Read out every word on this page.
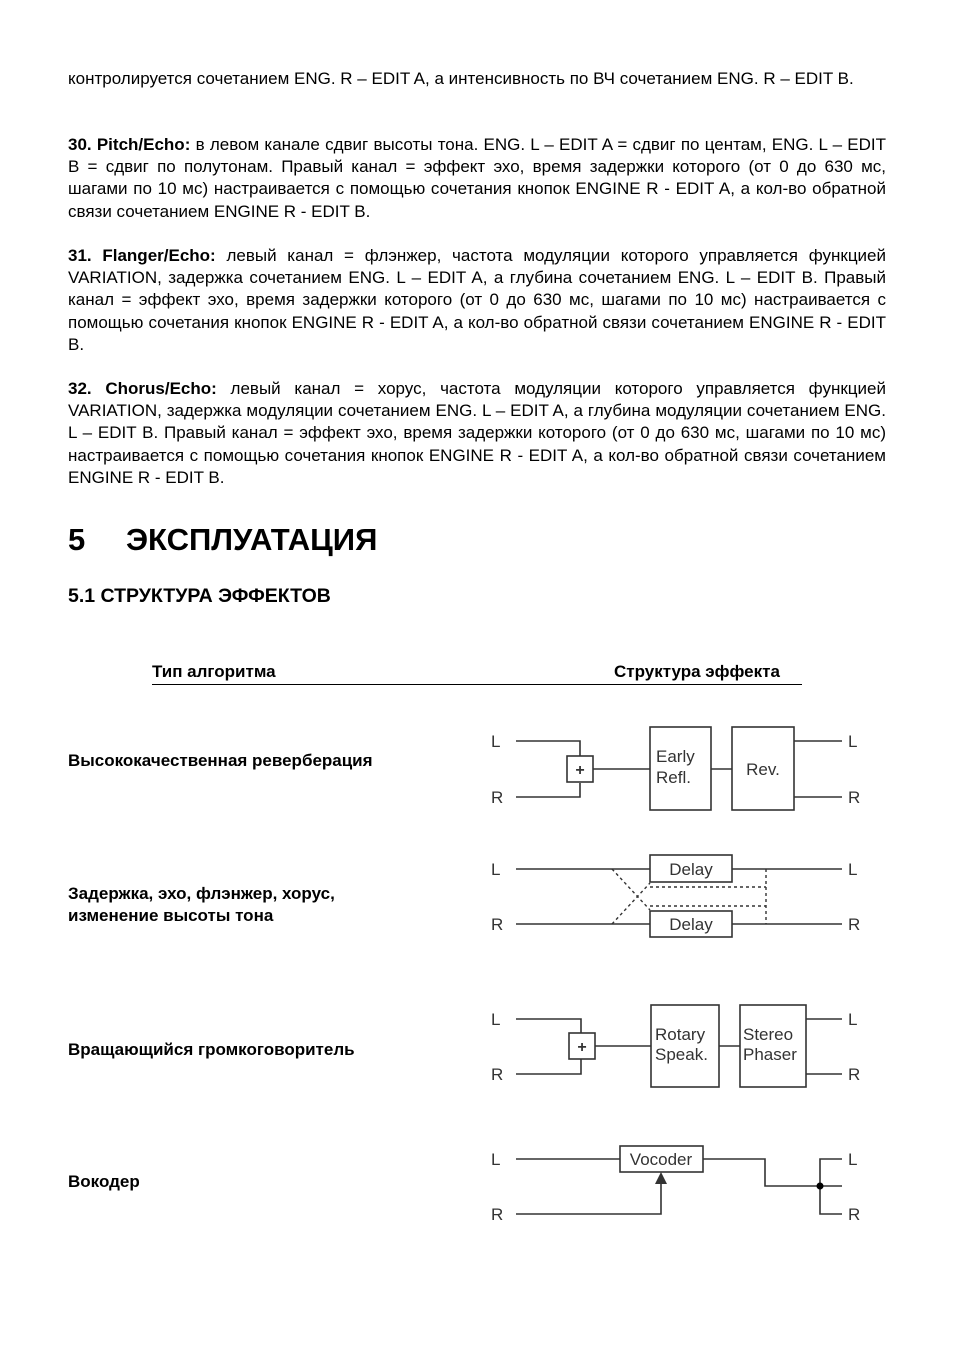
контролируется сочетанием ENG. R – EDIT A, а интенсивность по ВЧ сочетанием ENG. R – EDIT B.

30. Pitch/Echo: в левом канале сдвиг высоты тона. ENG. L – EDIT A = сдвиг по центам, ENG. L – EDIT B = сдвиг по полутонам. Правый канал = эффект эхо, время задержки которого (от 0 до 630 мс, шагами по 10 мс) настраивается с помощью сочетания кнопок ENGINE R - EDIT A, а кол-во обратной связи сочетанием ENGINE R - EDIT B.

31. Flanger/Echo: левый канал = флэнжер, частота модуляции которого управляется функцией VARIATION, задержка сочетанием ENG. L – EDIT A, а глубина сочетанием ENG. L – EDIT B. Правый канал = эффект эхо, время задержки которого (от 0 до 630 мс, шагами по 10 мс) настраивается с помощью сочетания кнопок ENGINE R - EDIT A, а кол-во обратной связи сочетанием ENGINE R - EDIT B.

32. Chorus/Echo: левый канал = хорус, частота модуляции которого управляется функцией VARIATION, задержка модуляции сочетанием ENG. L – EDIT A, а глубина модуляции сочетанием ENG. L – EDIT B. Правый канал = эффект эхо, время задержки которого (от 0 до 630 мс, шагами по 10 мс) настраивается с помощью сочетания кнопок ENGINE R - EDIT A, а кол-во обратной связи сочетанием ENGINE R - EDIT B.

5 ЭКСПЛУАТАЦИЯ
5.1 СТРУКТУРА ЭФФЕКТОВ
Тип алгоритма	Структура эффекта
Высококачественная реверберация
Задержка, эхо, флэнжер, хорус,
изменение высоты тона
Вращающийся громкоговоритель
Вокодер
L
R
L
R
L
R
L
R
L
R
L
R
L
R
L
R
+
+
Early
Refl.	Rev.
Delay
Delay
Rotary
Speak.
Stereo
Phaser
Vocoder
